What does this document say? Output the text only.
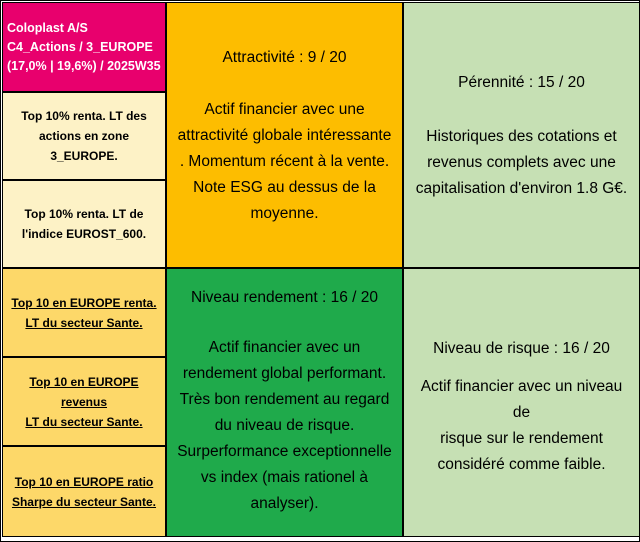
Coloplast A/S
C4_Actions / 3_EUROPE
(17,0% | 19,6%) / 2025W35
Top 10% renta. LT des
actions en zone 3_EUROPE.
Top 10% renta. LT de
l'indice EUROST_600.
Top 10 en EUROPE renta.
LT du secteur Sante.
Top 10 en EUROPE revenus
LT du secteur Sante.
Top 10 en EUROPE ratio
Sharpe du secteur Sante.
Attractivité : 9 / 20
Actif financier avec une
attractivité globale intéressante
. Momentum récent à la vente.
Note ESG au dessus de la
moyenne.
Pérennité : 15 / 20
Historiques des cotations et
revenus complets avec une
capitalisation d'environ 1.8 G€.
Niveau rendement : 16 / 20
Actif financier avec un
rendement global performant.
Très bon rendement au regard
du niveau de risque.
Surperformance exceptionnelle
vs index (mais rationel à
analyser).
Niveau de risque : 16 / 20
Actif financier avec un niveau de
risque sur le rendement
considéré comme faible.
